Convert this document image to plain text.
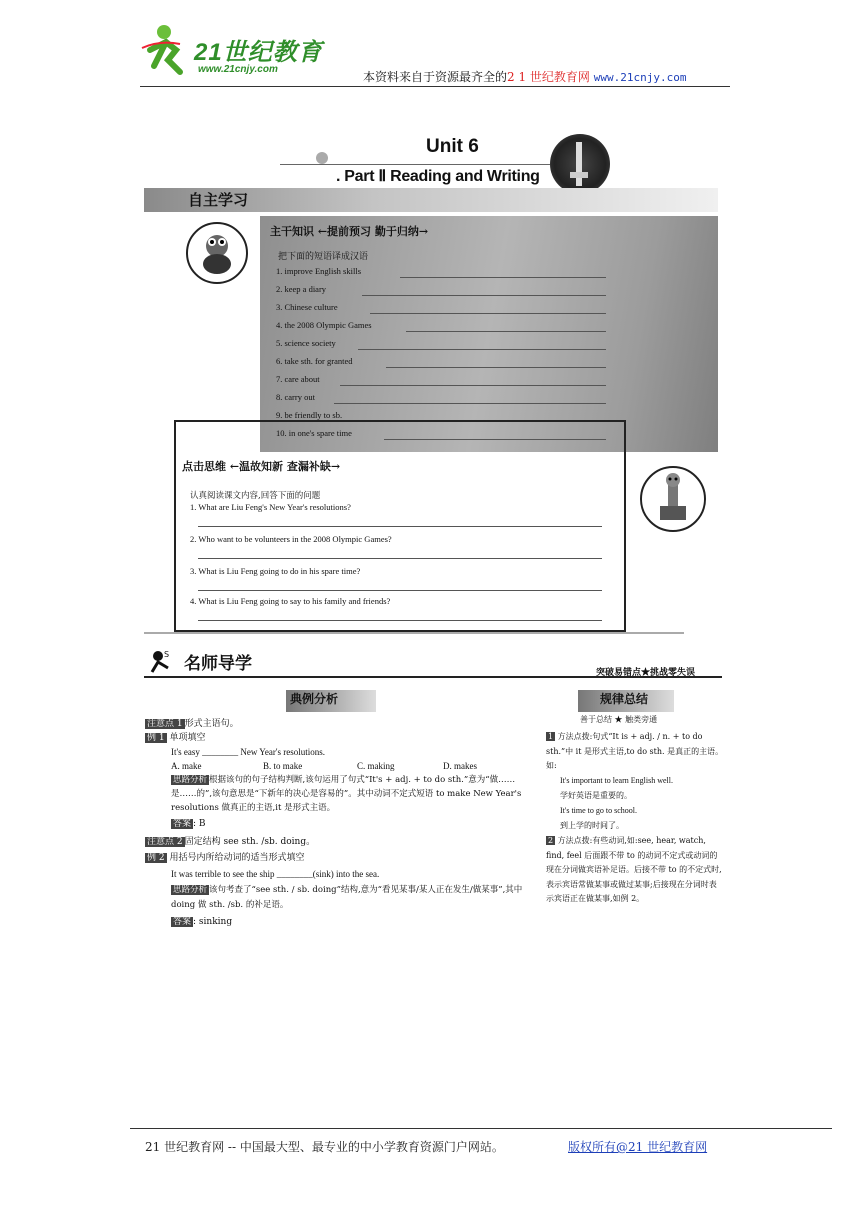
21世纪教育
www.21cnjy.com
本资料来自于资源最齐全的2 1 世纪教育网 www.21cnjy.com
Unit 6
. Part Ⅱ Reading and Writing
自主学习
主干知识 ←提前预习 勤于归纳→
把下面的短语译成汉语
1. improve English skills
2. keep a diary
3. Chinese culture
4. the 2008 Olympic Games
5. science society
6. take sth. for granted
7. care about
8. carry out
9. be friendly to sb.
10. in one's spare time
点击思维 ←温故知新 查漏补缺→
认真阅读课文内容,回答下面的问题
1. What are Liu Feng's New Year's resolutions?
2. Who want to be volunteers in the 2008 Olympic Games?
3. What is Liu Feng going to do in his spare time?
4. What is Liu Feng going to say to his family and friends?
S 名师导学	突破易错点★挑战零失误
典例分析	规律总结
善于总结 ★ 触类旁通
注意点 1 形式主语句。
例 1 单项填空
It's easy ________ New Year's resolutions.
A. make	B. to make	C. making	D. makes
思路分析 根据该句的句子结构判断,该句运用了句式“It's + adj. + to do sth.”意为“做……是……的”,该句意思是“下新年的决心是容易的”。其中动词不定式短语 to make New Year's resolutions 做真正的主语,it 是形式主语。
答案 : B
注意点 2 固定结构 see sth. /sb. doing。
例 2 用括号内所给动词的适当形式填空
It was terrible to see the ship ________(sink) into the sea.
思路分析 该句考查了“see sth. / sb. doing”结构,意为“看见某事/某人正在发生/做某事”,其中 doing 做 sth. /sb. 的补足语。
答案 : sinking
1 方法点拨:句式“It is + adj. / n. + to do sth.”中 it 是形式主语,to do sth. 是真正的主语。如:
It's important to learn English well.
学好英语是重要的。
It's time to go to school.
到上学的时间了。
2 方法点拨:有些动词,如:see, hear, watch, find, feel 后面跟不带 to 的动词不定式或动词的现在分词做宾语补足语。后接不带 to 的不定式时,表示宾语常做某事或做过某事;后接现在分词时表示宾语正在做某事,如例 2。
21 世纪教育网 -- 中国最大型、最专业的中小学教育资源门户网站。	版权所有@21 世纪教育网
